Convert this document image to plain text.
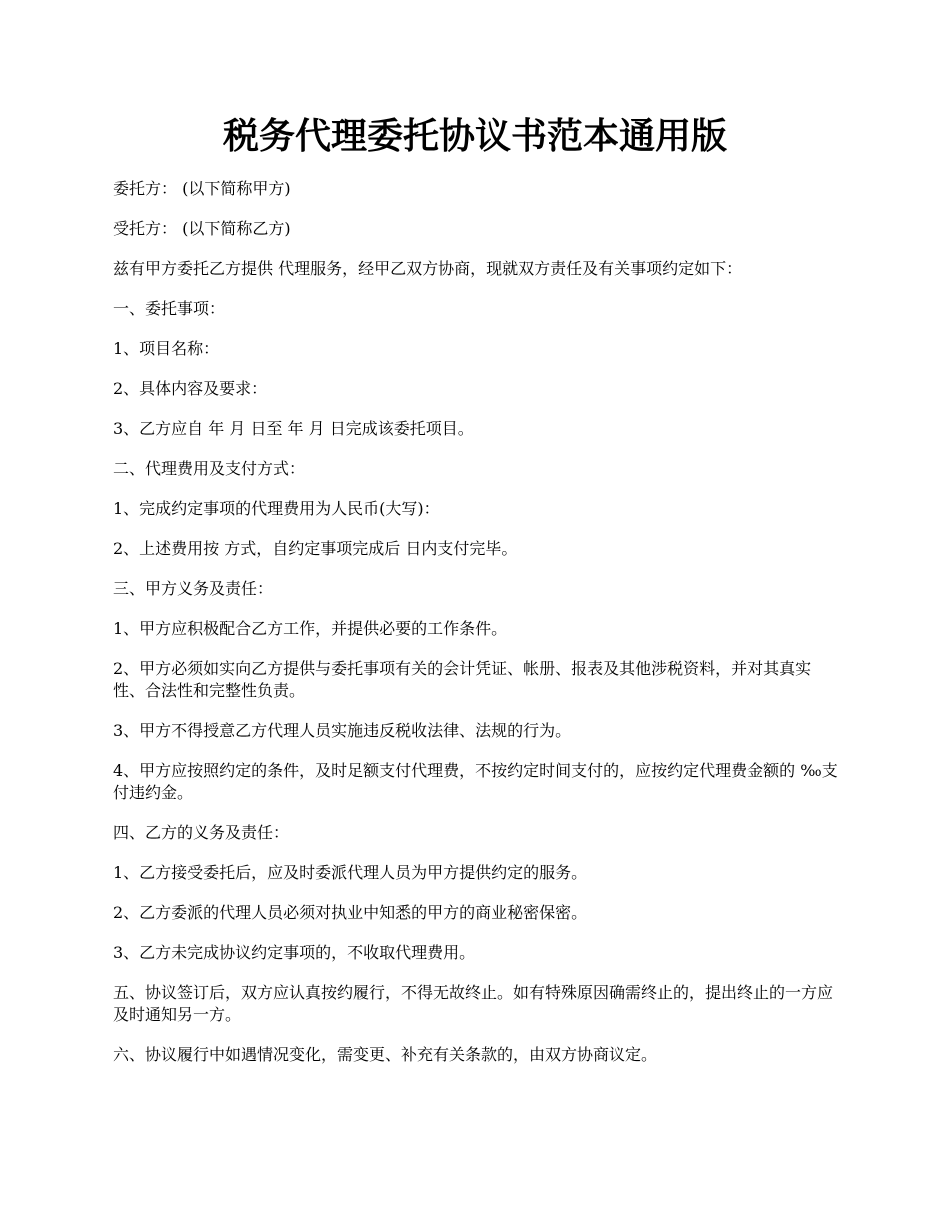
税务代理委托协议书范本通用版

委托方： (以下简称甲方)

受托方： (以下简称乙方)

兹有甲方委托乙方提供 代理服务，经甲乙双方协商，现就双方责任及有关事项约定如下：

一、委托事项：

1、项目名称：

2、具体内容及要求：

3、乙方应自 年 月 日至 年 月 日完成该委托项目。

二、代理费用及支付方式：

1、完成约定事项的代理费用为人民币(大写)：

2、上述费用按 方式，自约定事项完成后 日内支付完毕。

三、甲方义务及责任：

1、甲方应积极配合乙方工作，并提供必要的工作条件。

2、甲方必须如实向乙方提供与委托事项有关的会计凭证、帐册、报表及其他涉税资料，并对其真实性、合法性和完整性负责。

3、甲方不得授意乙方代理人员实施违反税收法律、法规的行为。

4、甲方应按照约定的条件，及时足额支付代理费，不按约定时间支付的，应按约定代理费金额的 ‰支付违约金。

四、乙方的义务及责任：

1、乙方接受委托后，应及时委派代理人员为甲方提供约定的服务。

2、乙方委派的代理人员必须对执业中知悉的甲方的商业秘密保密。

3、乙方未完成协议约定事项的，不收取代理费用。

五、协议签订后，双方应认真按约履行，不得无故终止。如有特殊原因确需终止的，提出终止的一方应及时通知另一方。

六、协议履行中如遇情况变化，需变更、补充有关条款的，由双方协商议定。
